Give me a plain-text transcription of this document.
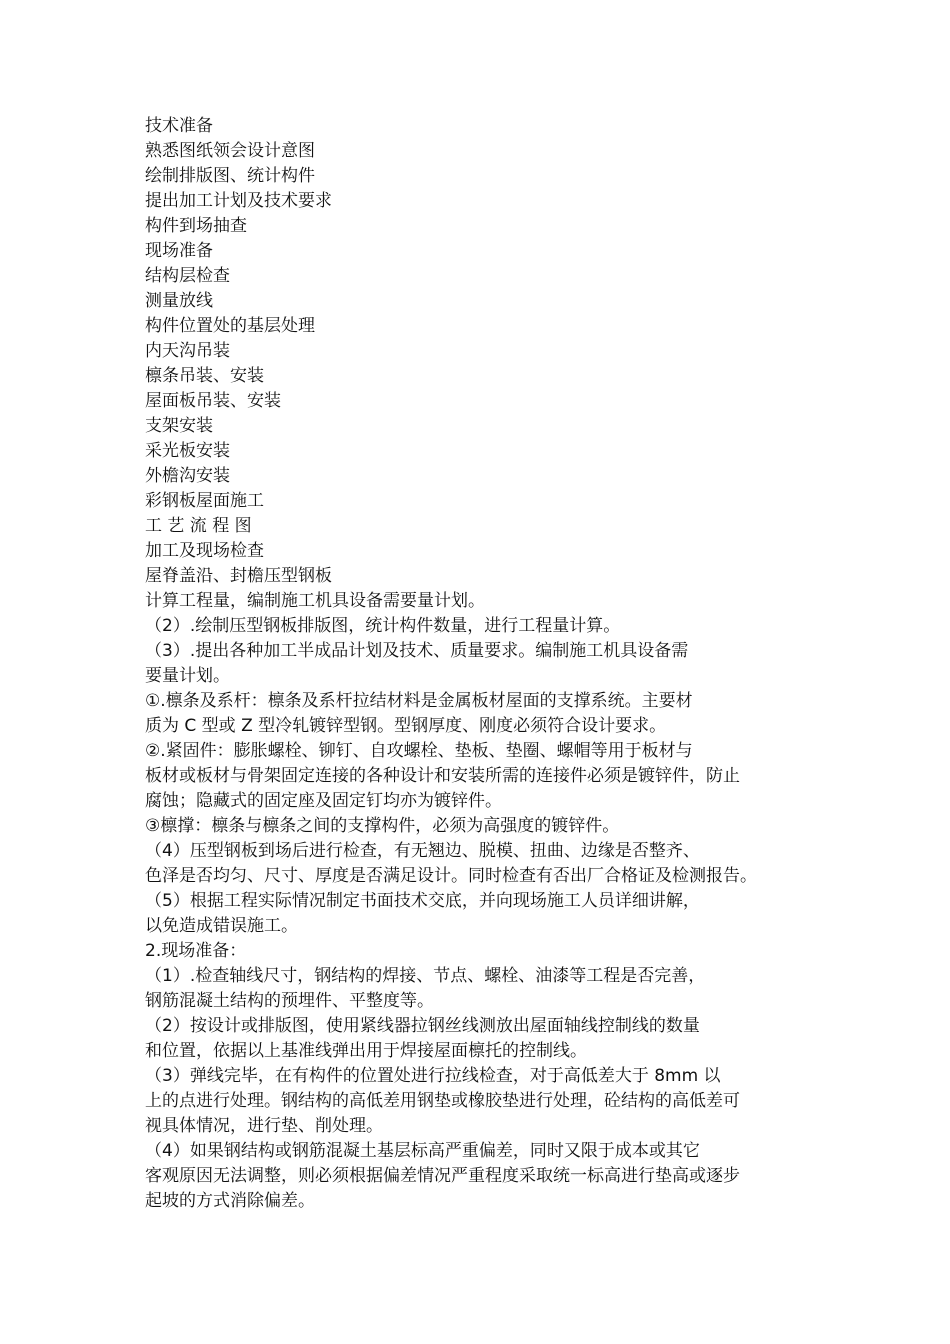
技术准备
熟悉图纸领会设计意图
绘制排版图、统计构件
提出加工计划及技术要求
构件到场抽查
现场准备
结构层检查
测量放线
构件位置处的基层处理
内天沟吊装
檩条吊装、安装
屋面板吊装、安装
支架安装
采光板安装
外檐沟安装
彩钢板屋面施工
工 艺 流 程 图
加工及现场检查
屋脊盖沿、封檐压型钢板
计算工程量，编制施工机具设备需要量计划。
（2）.绘制压型钢板排版图，统计构件数量，进行工程量计算。
（3）.提出各种加工半成品计划及技术、质量要求。编制施工机具设备需
要量计划。
①.檩条及系杆：檩条及系杆拉结材料是金属板材屋面的支撑系统。主要材
质为 C 型或 Z 型冷轧镀锌型钢。型钢厚度、刚度必须符合设计要求。
②.紧固件：膨胀螺栓、铆钉、自攻螺栓、垫板、垫圈、螺帽等用于板材与
板材或板材与骨架固定连接的各种设计和安装所需的连接件必须是镀锌件，防止
腐蚀；隐藏式的固定座及固定钉均亦为镀锌件。
③檩撑：檩条与檩条之间的支撑构件，必须为高强度的镀锌件。
（4）压型钢板到场后进行检查，有无翘边、脱模、扭曲、边缘是否整齐、
色泽是否均匀、尺寸、厚度是否满足设计。同时检查有否出厂合格证及检测报告。
（5）根据工程实际情况制定书面技术交底，并向现场施工人员详细讲解，
以免造成错误施工。
2.现场准备：
（1）.检查轴线尺寸，钢结构的焊接、节点、螺栓、油漆等工程是否完善，
钢筋混凝土结构的预埋件、平整度等。
（2）按设计或排版图，使用紧线器拉钢丝线测放出屋面轴线控制线的数量
和位置，依据以上基准线弹出用于焊接屋面檩托的控制线。
（3）弹线完毕，在有构件的位置处进行拉线检查，对于高低差大于 8mm 以
上的点进行处理。钢结构的高低差用钢垫或橡胶垫进行处理，砼结构的高低差可
视具体情况，进行垫、削处理。
（4）如果钢结构或钢筋混凝土基层标高严重偏差，同时又限于成本或其它
客观原因无法调整，则必须根据偏差情况严重程度采取统一标高进行垫高或逐步
起坡的方式消除偏差。
